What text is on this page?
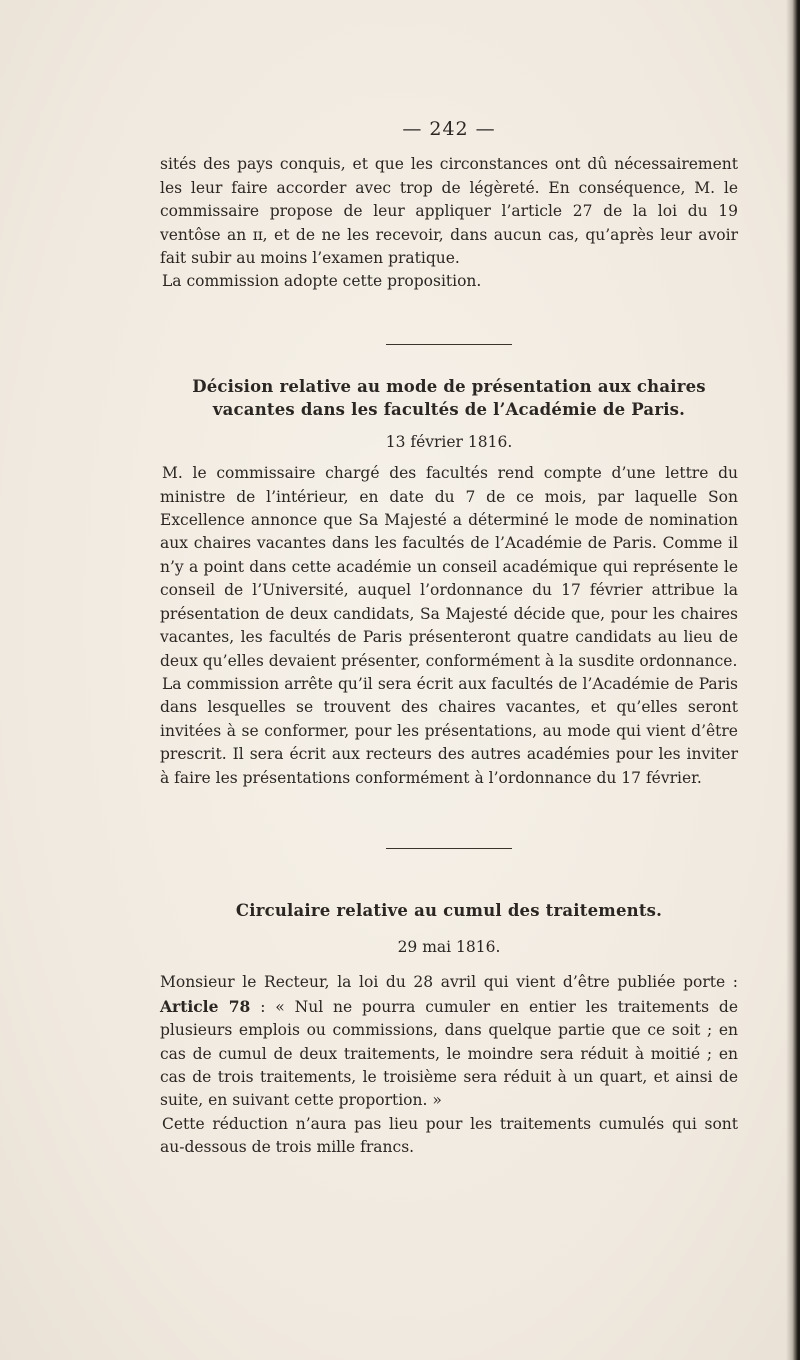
— 242 —

sités des pays conquis, et que les circonstances ont dû nécessairement les leur faire accorder avec trop de légèreté. En conséquence, M. le commissaire propose de leur appliquer l’article 27 de la loi du 19 ventôse an ɪɪ, et de ne les recevoir, dans aucun cas, qu’après leur avoir fait subir au moins l’examen pratique.

La commission adopte cette proposition.

Décision relative au mode de présentation aux chaires
vacantes dans les facultés de l’Académie de Paris.
13 février 1816.

M. le commissaire chargé des facultés rend compte d’une lettre du ministre de l’intérieur, en date du 7 de ce mois, par laquelle Son Excellence annonce que Sa Majesté a déterminé le mode de nomination aux chaires vacantes dans les facultés de l’Académie de Paris. Comme il n’y a point dans cette académie un conseil académique qui représente le conseil de l’Université, auquel l’ordonnance du 17 février attribue la présentation de deux candidats, Sa Majesté décide que, pour les chaires vacantes, les facultés de Paris présenteront quatre candidats au lieu de deux qu’elles devaient présenter, conformément à la susdite ordonnance.

La commission arrête qu’il sera écrit aux facultés de l’Académie de Paris dans lesquelles se trouvent des chaires vacantes, et qu’elles seront invitées à se conformer, pour les présentations, au mode qui vient d’être prescrit. Il sera écrit aux recteurs des autres académies pour les inviter à faire les présentations conformément à l’ordonnance du 17 février.

Circulaire relative au cumul des traitements.
29 mai 1816.

Monsieur le Recteur, la loi du 28 avril qui vient d’être publiée porte : Article 78 : « Nul ne pourra cumuler en entier les traitements de plusieurs emplois ou commissions, dans quelque partie que ce soit ; en cas de cumul de deux traitements, le moindre sera réduit à moitié ; en cas de trois traitements, le troisième sera réduit à un quart, et ainsi de suite, en suivant cette proportion. »

Cette réduction n’aura pas lieu pour les traitements cumulés qui sont au-dessous de trois mille francs.
